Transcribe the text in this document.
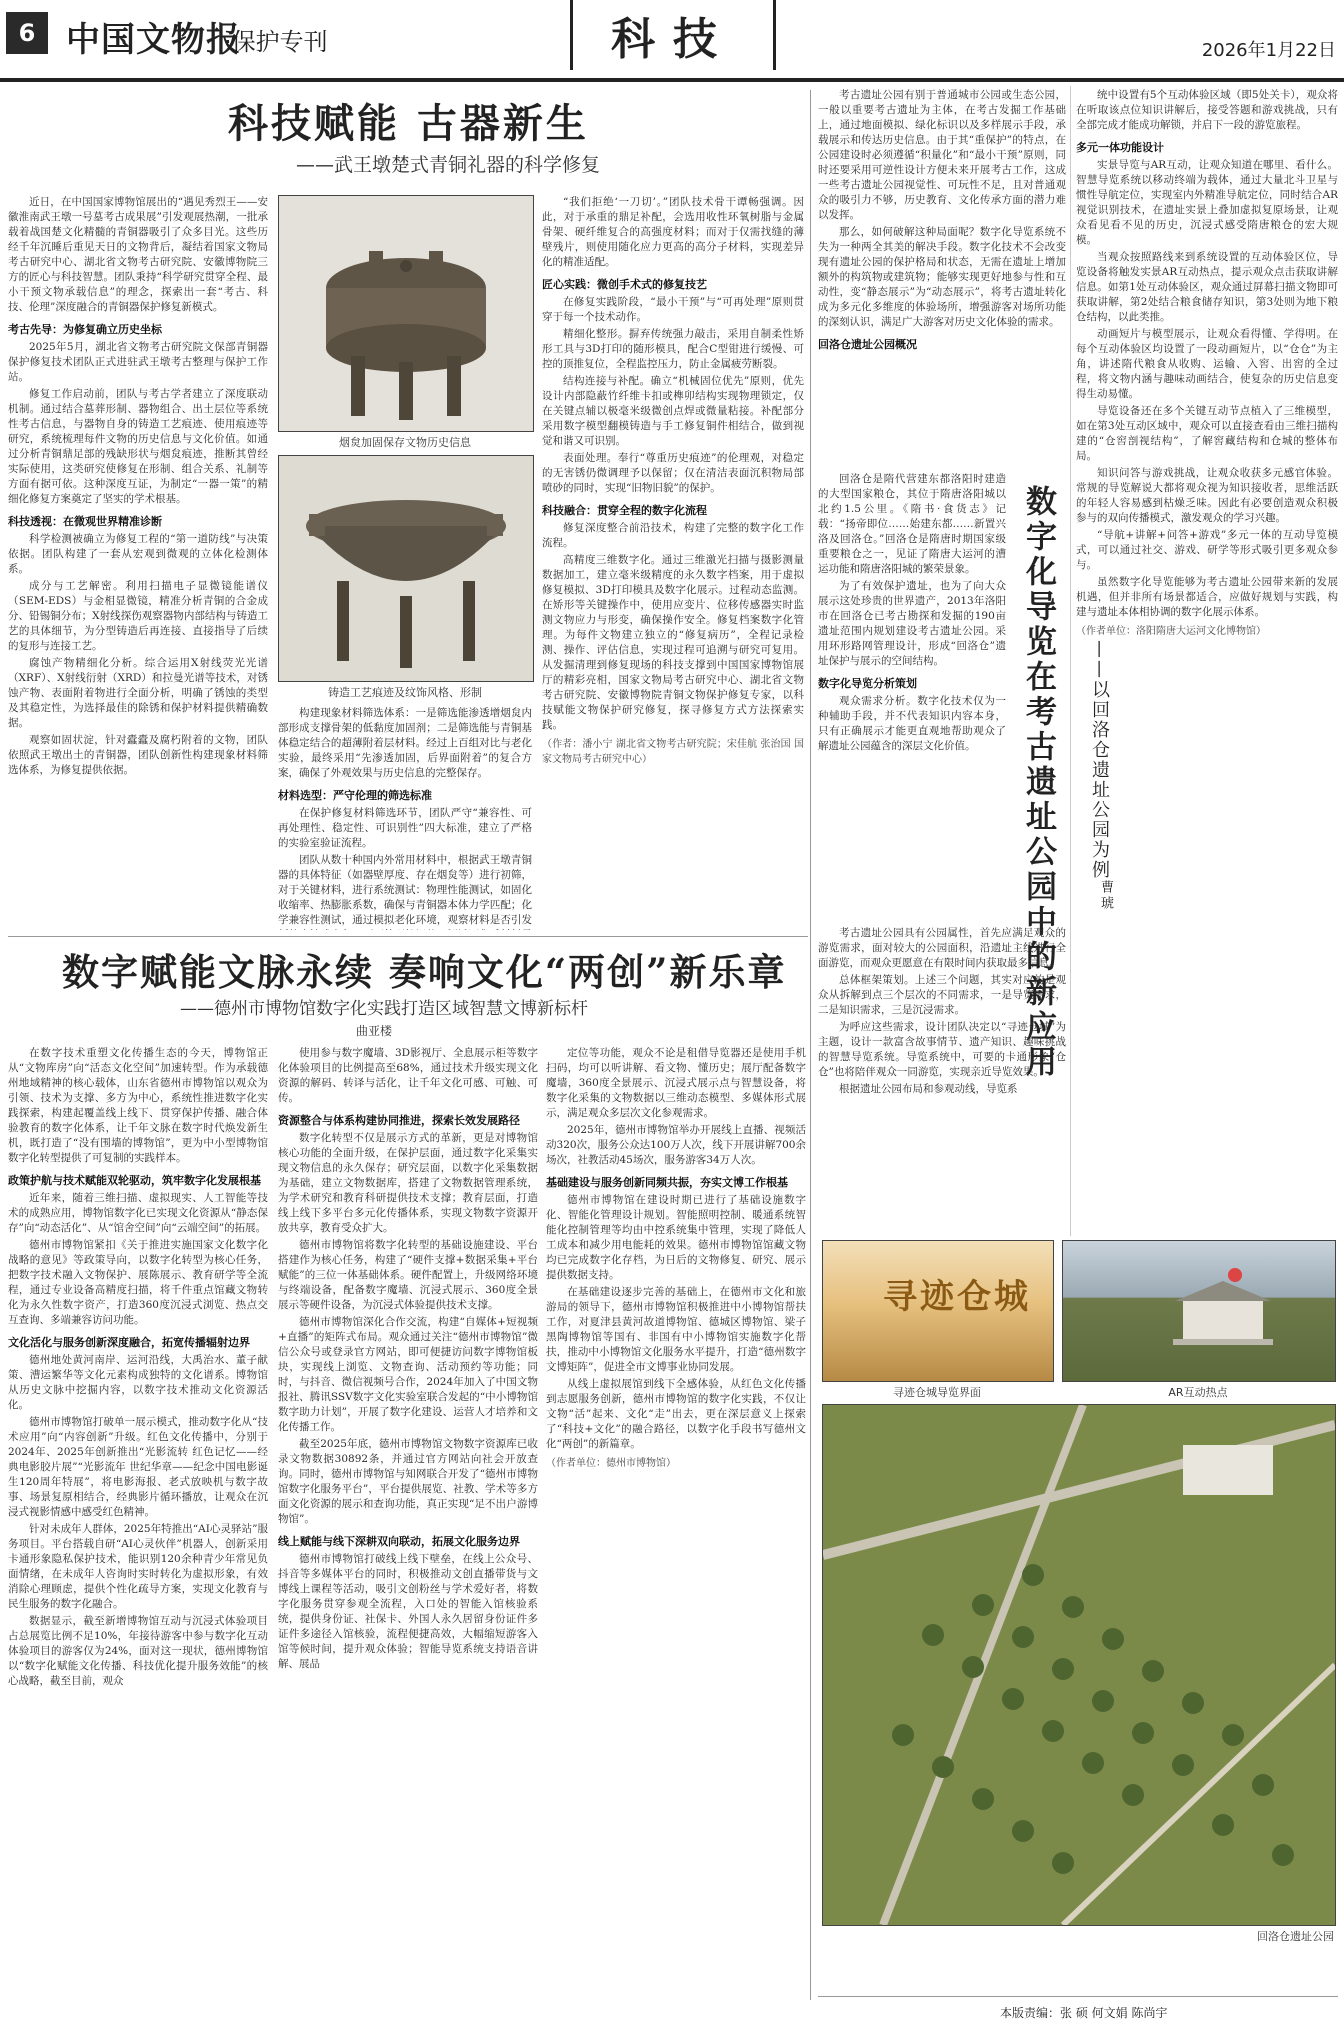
6 中国文物报
·保护专刊	科技	2026年1月22日
科技赋能 古器新生
——武王墩楚式青铜礼器的科学修复

近日，在中国国家博物馆展出的“遇见秀烈王——安徽淮南武王墩一号墓考古成果展”引发观展热潮，一批承载着战国楚文化精髓的青铜器吸引了众多目光。这些历经千年沉睡后重见天日的文物背后，凝结着国家文物局考古研究中心、湖北省文物考古研究院、安徽博物院三方的匠心与科技智慧。团队秉持“科学研究贯穿全程、最小干预文物承载信息”的理念，探索出一套“考古、科技、伦理”深度融合的青铜器保护修复新模式。

考古先导：为修复确立历史坐标

2025年5月，湖北省文物考古研究院文保部青铜器保护修复技术团队正式进驻武王墩考古整理与保护工作站。

修复工作启动前，团队与考古学者建立了深度联动机制。通过结合墓葬形制、器物组合、出土层位等系统性考古信息，与器物自身的铸造工艺痕迹、使用痕迹等研究，系统梳理每件文物的历史信息与文化价值。如通过分析青铜鼎足部的残缺形状与烟炱痕迹，推断其曾经实际使用，这类研究使修复在形制、组合关系、礼制等方面有据可依。这种深度互证，为制定“一器一策”的精细化修复方案奠定了坚实的学术根基。

科技透视：在微观世界精准诊断

科学检测被确立为修复工程的“第一道防线”与决策依据。团队构建了一套从宏观到微观的立体化检测体系。

成分与工艺解密。利用扫描电子显微镜能谱仪（SEM-EDS）与金相显微镜，精准分析青铜的合金成分、铅锡铜分布；X射线探伤观察器物内部结构与铸造工艺的具体细节，为分型铸造后再连接、直接指导了后续的复形与连接工艺。

腐蚀产物精细化分析。综合运用X射线荧光光谱（XRF）、X射线衍射（XRD）和拉曼光谱等技术，对锈蚀产物、表面附着物进行全面分析，明确了锈蚀的类型及其稳定性，为选择最佳的除锈和保护材料提供精确数据。

观察如固状淀，针对蠹蠹及腐朽附着的文物，团队依照武王墩出土的青铜器，团队创新性构建现象材料筛选体系，为修复提供依据。

烟炱加固保存文物历史信息
铸造工艺痕迹及纹饰风格、形制

构建现象材料筛选体系：一是筛选能渗透增烟炱内部形成支撑骨架的低黏度加固剂；二是筛选能与青铜基体稳定结合的超薄附着层材料。经过上百组对比与老化实验，最终采用“先渗透加固，后界面附着”的复合方案，确保了外观效果与历史信息的完整保存。

材料选型：严守伦理的筛选标准

在保护修复材料筛选环节，团队严守“兼容性、可再处理性、稳定性、可识别性”四大标准，建立了严格的实验室验证流程。

团队从数十种国内外常用材料中，根据武王墩青铜器的具体特征（如器壁厚度、存在烟炱等）进行初筛，对于关键材料，进行系统测试：物理性能测试，如固化收缩率、热膨胀系数，确保与青铜器本体力学匹配；化学兼容性测试，通过模拟老化环境，观察材料是否引发

“我们拒绝‘一刀切’。”团队技术骨干谭畅强调。因此，对于承重的鼎足补配，会选用收性环氧树脂与金属骨架、硬纤维复合的高强度材料；而对于仅需找缝的薄壁残片，则使用随化应力更高的高分子材料，实现差异化的精准适配。

匠心实践：微创手术式的修复技艺

在修复实践阶段，“最小干预”与“可再处理”原则贯穿于每一个技术动作。

精细化整形。摒弃传统强力敲击，采用自制柔性矫形工具与3D打印的随形模具，配合C型钳进行缓慢、可控的顶推复位，全程监控压力，防止金属疲劳断裂。

结构连接与补配。确立“机械固位优先”原则，优先设计内部隐蔽竹纤维卡扣或榫卯结构实现物理锁定，仅在关键点辅以极毫米级微创点焊或微量粘接。补配部分采用数字模型翻模铸造与手工修复铜件相结合，做到视觉和谐又可识别。

表面处理。奉行“尊重历史痕迹”的伦理观，对稳定的无害锈仍微调理予以保留；仅在清洁表面沉积物局部喷砂的同时，实现“旧物旧貌”的保护。

科技融合：贯穿全程的数字化流程

修复深度整合前沿技术，构建了完整的数字化工作流程。

高精度三维数字化。通过三维激光扫描与摄影测量数据加工，建立毫米级精度的永久数字档案，用于虚拟修复模拟、3D打印模具及数字化展示。过程动态监测。在矫形等关键操作中，使用应变片、位移传感器实时监测文物应力与形变，确保操作安全。修复档案数字化管理。为每件文物建立独立的“修复病历”，全程记录检测、操作、评估信息，实现过程可追溯与研究可复用。从发掘清理到修复现场的科技支撑到中国国家博物馆展厅的精彩亮相，国家文物局考古研究中心、湖北省文物考古研究院、安徽博物院青铜文物保护修复专家，以科技赋能文物保护研究修复，探寻修复方式方法探索实践。

（作者：潘小宁 湖北省文物考古研究院；宋佳航 张治国 国家文物局考古研究中心）

数字赋能文脉永续 奏响文化“两创”新乐章
——德州市博物馆数字化实践打造区域智慧文博新标杆
曲亚楼

在数字技术重塑文化传播生态的今天，博物馆正从“文物库房”向“活态文化空间”加速转型。作为承载德州地域精神的核心载体，山东省德州市博物馆以观众为引领、技术为支撑、多方为中心，系统性推进数字化实践探索，构建起覆盖线上线下、贯穿保护传播、融合体验教育的数字化体系，让千年文脉在数字时代焕发新生机，既打造了“没有围墙的博物馆”，更为中小型博物馆数字化转型提供了可复制的实践样本。

政策护航与技术赋能双轮驱动，筑牢数字化发展根基

近年来，随着三维扫描、虚拟现实、人工智能等技术的成熟应用，博物馆数字化已实现文化资源从“静态保存”向“动态活化”、从“馆舍空间”向“云端空间”的拓展。

德州市博物馆紧扣《关于推进实施国家文化数字化战略的意见》等政策导向，以数字化转型为核心任务，把数字技术融入文物保护、展陈展示、教育研学等全流程，通过专业设备高精度扫描，将千件重点馆藏文物转化为永久性数字资产，打造360度沉浸式浏览、热点交互查询、多端兼容访问功能。

文化活化与服务创新深度融合，拓宽传播辐射边界

德州地处黄河南岸、运河沿线，大禹治水、董子献策、漕运繁华等文化元素构成独特的文化谱系。博物馆从历史文脉中挖掘内容，以数字技术推动文化资源活化。

德州市博物馆打破单一展示模式，推动数字化从“技术应用”向“内容创新”升级。红色文化传播中，分别于2024年、2025年创新推出“光影流转 红色记忆——经典电影胶片展”“光影流年 世纪华章——纪念中国电影诞生120周年特展”，将电影海报、老式放映机与数字故事、场景复原相结合，经典影片循环播放，让观众在沉浸式视影情感中感受红色精神。

针对未成年人群体，2025年特推出“AI心灵驿站”服务项目。平台搭载自研“AI心灵伙伴”机器人，创新采用卡通形象隐私保护技术，能识别120余种青少年常见负面情绪，在未成年人咨询时实时转化为虚拟形象，有效消除心理顾虑，提供个性化疏导方案，实现文化教育与民生服务的数字化融合。

数据显示，截至新增博物馆互动与沉浸式体验项目占总展览比例不足10%，年接待游客中参与数字化互动体验项目的游客仅为24%，面对这一现状，德州博物馆以“数字化赋能文化传播、科技优化提升服务效能”的核心战略，截至目前，观众

使用参与数字魔墙、3D影视厅、全息展示柜等数字化体验项目的比例提高至68%，通过技术升级实现文化资源的解码、转译与活化，让千年文化可感、可触、可传。

资源整合与体系构建协同推进，探索长效发展路径

数字化转型不仅是展示方式的革新，更是对博物馆核心功能的全面升级，在保护层面，通过数字化采集实现文物信息的永久保存；研究层面，以数字化采集数据为基础，建立文物数据库，搭建了文物数据管理系统，为学术研究和教育科研提供技术支撑；教育层面，打造线上线下多平台多元化传播体系，实现文物数字资源开放共享，教育受众扩大。

德州市博物馆将数字化转型的基础设施建设、平台搭建作为核心任务，构建了“硬件支撑+数据采集+平台赋能”的三位一体基础体系。硬件配置上，升级网络环境与终端设备，配备数字魔墙、沉浸式展示、360度全景展示等硬件设备，为沉浸式体验提供技术支撑。

德州市博物馆深化合作交流，构建“自媒体+短视频+直播”的矩阵式布局。观众通过关注“德州市博物馆”微信公众号或登录官方网站，即可便捷访问数字博物馆板块，实现线上浏览、文物查询、活动预约等功能；同时，与抖音、微信视频号合作，2024年加入了中国文物报社、腾讯SSV数字文化实验室联合发起的“中小博物馆数字助力计划”，开展了数字化建设、运营人才培养和文化传播工作。

截至2025年底，德州市博物馆文物数字资源库已收录文物数据30892条，并通过官方网站向社会开放查询。同时，德州市博物馆与知网联合开发了“德州市博物馆数字化服务平台”，平台提供展览、社教、学术等多方面文化资源的展示和查询功能，真正实现“足不出户游博物馆”。

线上赋能与线下深耕双向联动，拓展文化服务边界

德州市博物馆打破线上线下壁垒，在线上公众号、抖音等多媒体平台的同时，积极推动文创直播带货与文博线上课程等活动，吸引文创粉丝与学术爱好者，将数字化服务贯穿参观全流程，入口处的智能入馆核验系统，提供身份证、社保卡、外国人永久居留身份证件多证件多途径入馆核验，流程便捷高效，大幅缩短游客入馆等候时间，提升观众体验；智能导览系统支持语音讲解、展品

定位等功能，观众不论是租借导览器还是使用手机扫码，均可以听讲解、看文物、懂历史；展厅配备数字魔墙，360度全景展示、沉浸式展示点与智慧设备，将数字化采集的文物数据以三维动态模型、多媒体形式展示，满足观众多层次文化参观需求。

2025年，德州市博物馆举办开展线上直播、视频活动320次，服务公众达100万人次，线下开展讲解700余场次，社教活动45场次，服务游客34万人次。

基础建设与服务创新同频共振，夯实文博工作根基

德州市博物馆在建设时期已进行了基础设施数字化、智能化管理设计规划。智能照明控制、暖通系统智能化控制管理等均由中控系统集中管理，实现了降低人工成本和减少用电能耗的效果。德州市博物馆馆藏文物均已完成数字化存档，为日后的文物修复、研究、展示提供数据支持。

在基础建设逐步完善的基础上，在德州市文化和旅游局的领导下，德州市博物馆积极推进中小博物馆帮扶工作，对夏津县黄河故道博物馆、德城区博物馆、梁子黑陶博物馆等国有、非国有中小博物馆实施数字化帮扶，推动中小博物馆文化服务水平提升，打造“德州数字文博矩阵”，促进全市文博事业协同发展。

从线上虚拟展馆到线下全感体验，从红色文化传播到志愿服务创新，德州市博物馆的数字化实践，不仅让文物“活”起来、文化“走”出去，更在深层意义上探索了“科技+文化”的融合路径，以数字化手段书写德州文化“两创”的新篇章。

（作者单位：德州市博物馆）

考古遗址公园有别于普通城市公园或生态公园，一般以重要考古遗址为主体，在考古发掘工作基础上，通过地面模拟、绿化标识以及多样展示手段，承载展示和传达历史信息。由于其“重保护”的特点，在公园建设时必须遵循“积量化”和“最小干预”原则，同时还要采用可逆性设计方便未来开展考古工作，这成一些考古遗址公园视觉性、可玩性不足，且对普通观众的吸引力不够，历史教育、文化传承方面的潜力难以发挥。

那么，如何破解这种局面呢？数字化导览系统不失为一种两全其美的解决手段。数字化技术不会改变现有遗址公园的保护格局和状态，无需在遗址上增加额外的构筑物或建筑物；能够实现更好地参与性和互动性，变“静态展示”为“动态展示”，将考古遗址转化成为多元化多维度的体验场所，增强游客对场所功能的深刻认识，满足广大游客对历史文化体验的需求。

回洛仓遗址公园概况

回洛仓是隋代营建东都洛阳时建造的大型国家粮仓，其位于隋唐洛阳城以北约1.5公里。《隋书·食货志》记载：“扬帝即位……始建东都……新置兴洛及回洛仓。”回洛仓是隋唐时期国家级重要粮仓之一，见证了隋唐大运河的漕运功能和隋唐洛阳城的繁荣景象。

为了有效保护遗址，也为了向大众展示这处珍贵的世界遗产，2013年洛阳市在回洛仓已考古勘探和发掘的190亩遗址范围内规划建设考古遗址公园。采用环形路网管理设计，形成“回洛仓”遗址保护与展示的空间结构。

数字化导览分析策划

观众需求分析。数字化技术仅为一种辅助手段，并不代表知识内容本身，只有正确展示才能更直观地帮助观众了解遗址公园蕴含的深层文化价值。	数字化导览在考古遗址公园中的新应用 ——以回洛仓遗址公园为例
曹琥

考古遗址公园具有公园属性，首先应满足观众的游览需求，面对较大的公园面积，沿遗址主线进行全面游览，而观众更愿意在有限时间内获取最多信息。

总体框架策划。上述三个问题，其实对应的是观众从拆解到点三个层次的不同需求，一是导览需求，二是知识需求，三是沉浸需求。

为呼应这些需求，设计团队决定以“寻迹仓城”为主题，设计一款富含故事情节、遗产知识、趣味挑战的智慧导览系统。导览系统中，可要的卡通形象“仓仓”也将陪伴观众一同游览，实现亲近导览效果。

根据遗址公园布局和参观动线，导览系

统中设置有5个互动体验区域（即5处关卡），观众将在听取该点位知识讲解后，接受答题和游戏挑战，只有全部完成才能成功解锁，并启下一段的游览旅程。

多元一体功能设计

实景导览与AR互动，让观众知道在哪里、看什么。智慧导览系统以移动终端为载体，通过大量北斗卫星与惯性导航定位，实现室内外精准导航定位，同时结合AR视觉识别技术，在遗址实景上叠加虚拟复原场景，让观众看见看不见的历史，沉浸式感受隋唐粮仓的宏大规模。

当观众按照路线来到系统设置的互动体验区位，导览设备将触发实景AR互动热点，提示观众点击获取讲解信息。如第1处互动体验区，观众通过屏幕扫描文物即可获取讲解，第2处结合粮食储存知识，第3处则为地下粮仓结构，以此类推。

动画短片与模型展示，让观众看得懂、学得明。在每个互动体验区均设置了一段动画短片，以“仓仓”为主角，讲述隋代粮食从收购、运输、入窖、出窖的全过程，将文物内涵与趣味动画结合，使复杂的历史信息变得生动易懂。

导览设备还在多个关键互动节点植入了三维模型，如在第3处互动区域中，观众可以直接查看由三维扫描构建的“仓窖剖视结构”，了解窖藏结构和仓城的整体布局。

知识问答与游戏挑战，让观众收获多元感官体验。常规的导览解说大都将观众视为知识接收者，思维活跃的年轻人容易感到枯燥乏味。因此有必要创造观众积极参与的双向传播模式，激发观众的学习兴趣。

“导航+讲解+问答+游戏”多元一体的互动导览模式，可以通过社交、游戏、研学等形式吸引更多观众参与。

虽然数字化导览能够为考古遗址公园带来新的发展机遇，但并非所有场景都适合，应做好规划与实践，构建与遗址本体相协调的数字化展示体系。

（作者单位：洛阳隋唐大运河文化博物馆）

寻迹仓城
寻迹仓城导览界面	AR互动热点
回洛仓遗址公园
本版责编：张 硕 何文娟 陈尚宇
